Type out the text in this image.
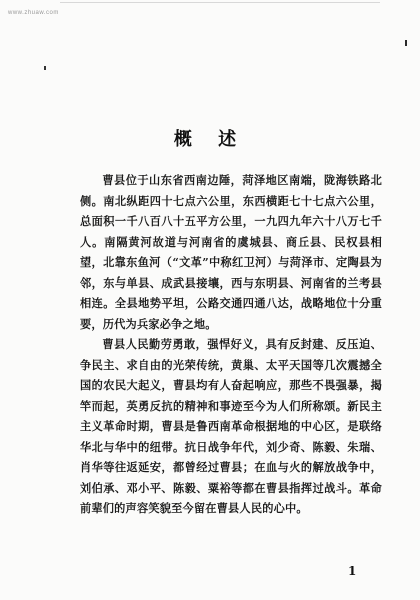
www.zhuaw.com
概 述

曹县位于山东省西南边陲，菏泽地区南端，陇海铁路北侧。南北纵距四十七点六公里，东西横距七十七点六公里，总面积一千八百八十五平方公里，一九四九年六十八万七千人。南隔黄河故道与河南省的虞城县、商丘县、民权县相望，北靠东鱼河（“文革”中称红卫河）与菏泽市、定陶县为邻，东与单县、成武县接壤，西与东明县、河南省的兰考县相连。全县地势平坦，公路交通四通八达，战略地位十分重要，历代为兵家必争之地。

曹县人民勤劳勇敢，强悍好义，具有反封建、反压迫、争民主、求自由的光荣传统，黄巢、太平天国等几次震撼全国的农民大起义，曹县均有人奋起响应，那些不畏强暴，揭竿而起，英勇反抗的精神和事迹至今为人们所称颂。新民主主义革命时期，曹县是鲁西南革命根据地的中心区，是联络华北与华中的纽带。抗日战争年代，刘少奇、陈毅、朱瑞、肖华等往返延安，都曾经过曹县；在血与火的解放战争中，刘伯承、邓小平、陈毅、粟裕等都在曹县指挥过战斗。革命前辈们的声容笑貌至今留在曹县人民的心中。

1
